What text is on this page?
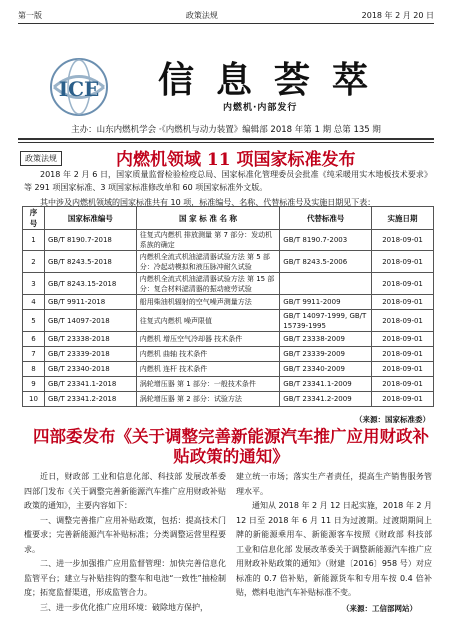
第一版	政策法规	2018 年 2 月 20 日
ICE 信息荟萃
内燃机·内部发行
主办：山东内燃机学会 ·《内燃机与动力装置》编辑部 2018 年第 1 期 总第 135 期
政策法规	内燃机领域 11 项国家标准发布
2018 年 2 月 6 日，国家质量监督检验检疫总局、国家标准化管理委员会批准《纯采暖用实木地板技术要求》等 291 项国家标准、3 项国家标准修改单和 60 项国家标准外文版。
其中涉及内燃机领域的国家标准共有 10 项，标准编号、名称、代替标准号及实施日期见下表：
序号	国家标准编号	国 家 标 准 名 称	代替标准号	实施日期
1	GB/T 8190.7-2018	往复式内燃机 排放测量 第 7 部分：发动机系族的确定	GB/T 8190.7-2003	2018-09-01
2	GB/T 8243.5-2018	内燃机全流式机油滤清器试验方法 第 5 部分：冷起动模拟和液压脉冲耐久试验	GB/T 8243.5-2006	2018-09-01
3	GB/T 8243.15-2018	内燃机全流式机油滤清器试验方法 第 15 部分：复合材料滤清器的振动疲劳试验		2018-09-01
4	GB/T 9911-2018	船用柴油机辐射的空气噪声测量方法	GB/T 9911-2009	2018-09-01
5	GB/T 14097-2018	往复式内燃机 噪声限值	GB/T 14097-1999, GB/T 15739-1995	2018-09-01
6	GB/T 23338-2018	内燃机 增压空气冷却器 技术条件	GB/T 23338-2009	2018-09-01
7	GB/T 23339-2018	内燃机 曲轴 技术条件	GB/T 23339-2009	2018-09-01
8	GB/T 23340-2018	内燃机 连杆 技术条件	GB/T 23340-2009	2018-09-01
9	GB/T 23341.1-2018	涡轮增压器 第 1 部分：一般技术条件	GB/T 23341.1-2009	2018-09-01
10	GB/T 23341.2-2018	涡轮增压器 第 2 部分：试验方法	GB/T 23341.2-2009	2018-09-01
（来源：国家标准委）
四部委发布《关于调整完善新能源汽车推广应用财政补贴政策的通知》

近日，财政部 工业和信息化部、科技部 发展改革委四部门发布《关于调整完善新能源汽车推广应用财政补贴政策的通知》，主要内容如下：

一、调整完善推广应用补贴政策，包括：提高技术门槛要求；完善新能源汽车补贴标准；分类调整运营里程要求。

二、进一步加强推广应用监督管理：加快完善信息化监管平台；建立与补贴挂钩的整车和电池“一致性”抽检制度；拓宽监督渠道，形成监管合力。

三、进一步优化推广应用环境：破除地方保护，

建立统一市场；落实生产者责任，提高生产销售服务管理水平。

通知从 2018 年 2 月 12 日起实施，2018 年 2 月 12 日至 2018 年 6 月 11 日为过渡期。过渡期期间上牌的新能源乘用车、新能源客车按照《财政部 科技部 工业和信息化部 发展改革委关于调整新能源汽车推广应用财政补贴政策的通知》（财建〔2016〕958 号）对应标准的 0.7 倍补贴，新能源货车和专用车按 0.4 倍补贴，燃料电池汽车补贴标准不变。

（来源：工信部网站）
